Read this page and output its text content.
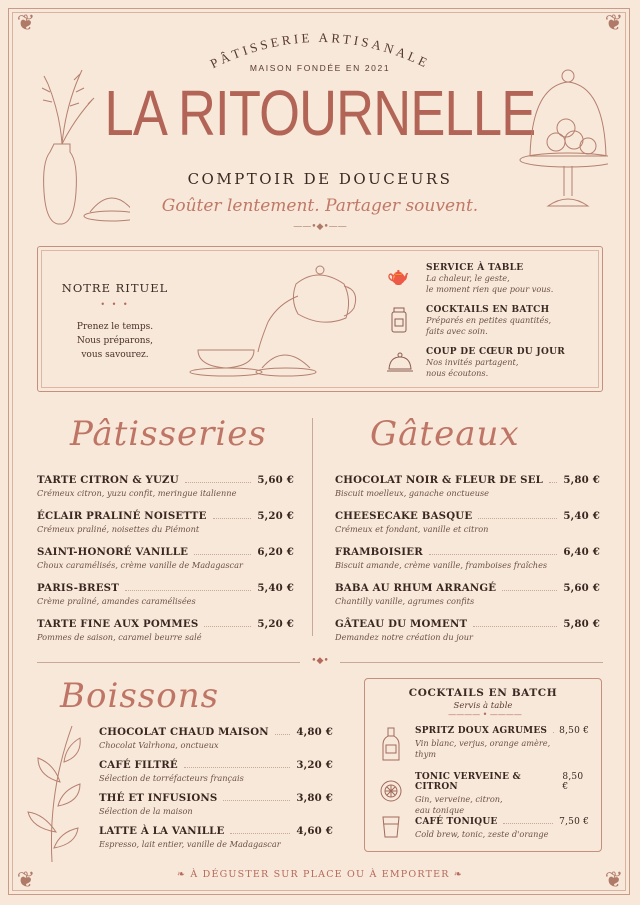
❦	❦
❦	❦
PÂTISSERIE ARTISANALE
MAISON FONDÉE EN 2021
LA RITOURNELLE
COMPTOIR DE DOUCEURS
Goûter lentement. Partager souvent.
——•◆•——
NOTRE RITUEL
• • •
Prenez le temps.
Nous préparons,
vous savourez.
🫖 SERVICE À TABLE
La chaleur, le geste,
le moment rien que pour vous.
COCKTAILS EN BATCH
Préparés en petites quantités,
faits avec soin.
COUP DE CŒUR DU JOUR
Nos invités partagent,
nous écoutons.
Pâtisseries	Gâteaux
TARTE CITRON & YUZU	5,60 €
Crémeux citron, yuzu confit, meringue italienne
ÉCLAIR PRALINÉ NOISETTE	5,20 €
Crémeux praliné, noisettes du Piémont
SAINT-HONORÉ VANILLE	6,20 €
Choux caramélisés, crème vanille de Madagascar
PARIS-BREST	5,40 €
Crème praliné, amandes caramélisées
TARTE FINE AUX POMMES	5,20 €
Pommes de saison, caramel beurre salé
CHOCOLAT NOIR & FLEUR DE SEL 5,80 €
Biscuit moelleux, ganache onctueuse
CHEESECAKE BASQUE	5,40 €
Crémeux et fondant, vanille et citron
FRAMBOISIER	6,40 €
Biscuit amande, crème vanille, framboises fraîches
BABA AU RHUM ARRANGÉ	5,60 €
Chantilly vanille, agrumes confits
GÂTEAU DU MOMENT	5,80 €
Demandez notre création du jour
•◆•
Boissons
CHOCOLAT CHAUD MAISON	4,80 €
Chocolat Valrhona, onctueux
CAFÉ FILTRÉ	3,20 €
Sélection de torréfacteurs français
THÉ ET INFUSIONS	3,80 €
Sélection de la maison
LATTE À LA VANILLE	4,60 €
Espresso, lait entier, vanille de Madagascar
COCKTAILS EN BATCH
Servis à table
———— • ————
SPRITZ DOUX AGRUMES 8,50 €
Vin blanc, verjus, orange amère,
thym
TONIC VERVEINE & CITRON
8,50 €
Gin, verveine, citron,
eau tonique
CAFÉ TONIQUE	7,50 €
Cold brew, tonic, zeste d'orange
❧ À DÉGUSTER SUR PLACE OU À EMPORTER ❧
